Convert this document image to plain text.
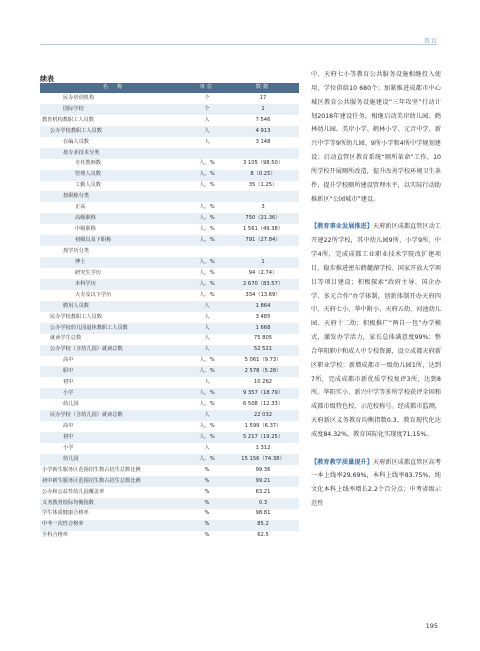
教育
续表
名　称	单位	数据
民办培训机构	个	17
国际学校	个	1
教育机构教职工人员数	人	7 546
公办学校教职工人员数	人	4 913
在编人员数	人	3 148
按专业技术分类		
专任教师数	人、%	3 105（98.50）
管理人员数	人、%	8（0.25）
工勤人员数	人、%	35（1.25）
按职称分类		
正高	人、%	3
高级职称	人、%	750（21.36）
中级职称	人、%	1 561（49.38）
初级以及下职称	人、%	791（27.84）
按学历分类		
博士	人、%	1
研究生学历	人、%	94（2.74）
本科学历	人、%	2 670（83.57）
大专及以下学历	人、%	334（13.69）
聘用人员数	人	1 864
民办学校教职工人员数	人	3 485
公办学校幼儿园退休教职工人员数	人	1 668
就读学生总数	人	75 805
公办学校（含幼儿园）就读总数	人	52 521
高中	人、%	5 061（9.73）
职中	人、%	2 578（5.28）
初中	人	10 262
小学	人、%	9 357（18.79）
幼儿园	人、%	6 508（12.33）
民办学校（含幼儿园）就读总数	人	22 032
高中	人、%	1 599（6.37）
初中	人、%	5 217（19.25）
小学	人	1 312
幼儿园	人、%	15 156（74.38）
小学新生服务区范围招生数占招生总数比例	%	99.36
初中新生服务区范围招生数占招生总数比例	%	99.21
公办和公益性幼儿园覆盖率	%	63.21
义务教育校际均衡指数	%	0.3
学生体质健康合格率	%	98.81
中考一次性合格率	%	85.2
全科合格率	%	62.5

中、天府七小等教育公共服务设施相继投入使用，学位供给10 680个；加紧推进成都市中心城区教育公共服务设施建设“三年攻坚”行动计划2018年建设任务，相继启动美岸幼儿园、鹤林幼儿园、美岸小学、鹤林小学、元音中学、新兴中学等9所幼儿园、9所小学和4所中学规划建设；启动直管区教育系统“厕所革命”工作，10所学校开展厕所改造，提升改善学校环境卫生条件，提升学校厕所建设管理水平，以实际行动助推新区“公园城市”建设。

【教育事业发展推进】天府新区成都直管区动工开建22所学校，其中幼儿园9所、小学9所、中学4所，完成成都工业职业技术学院改扩建项目，稳步推进密东鹤麓湖学校、国家开放大学项目等项目建设；积极探索“政府主导、国企办学、多元合作”办学体制，创新体制开办天府四中、天府七小、华中附小、天府五幼、河池幼儿园、天府十二幼；积极推广“两自一包”办学模式，激发办学活力，家长总体满意度99%；整合华阳职中和成人中专校资源，设立成都天府新区职业学校；新增成都市一级幼儿园1所，达到7所，完成成都市新优质学校复评3所，达到8所。华阳实小、新兴中学等多所学校获评全国和成都市级特色校、示范校称号。经成都市监测，天府新区义务教育均衡指数0.3，教育现代化达成度84.32%，教育国际化实现度71.15%。

【教育教学质量提升】天府新区成都直管区高考一本上线率29.69%，本科上线率83.75%，纯文化本科上线率增长2.2个百分点；中考省级示范性

195
